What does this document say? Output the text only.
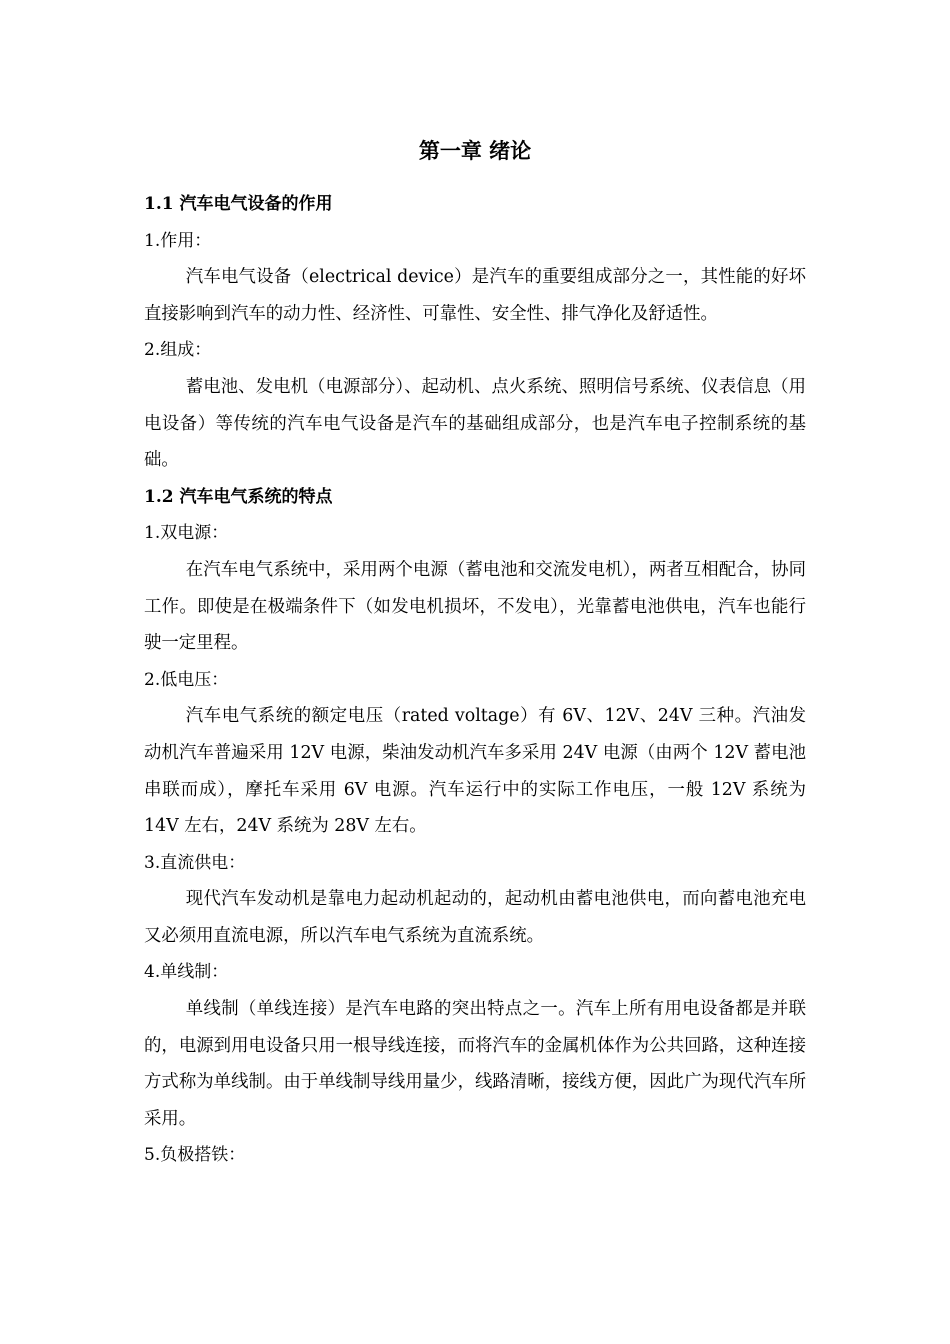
第一章 绪论
1.1 汽车电气设备的作用

1.作用：

汽车电气设备（electrical device）是汽车的重要组成部分之一，其性能的好坏直接影响到汽车的动力性、经济性、可靠性、安全性、排气净化及舒适性。

2.组成：

蓄电池、发电机（电源部分）、起动机、点火系统、照明信号系统、仪表信息（用电设备）等传统的汽车电气设备是汽车的基础组成部分，也是汽车电子控制系统的基础。

1.2 汽车电气系统的特点

1.双电源：

在汽车电气系统中，采用两个电源（蓄电池和交流发电机），两者互相配合，协同工作。即使是在极端条件下（如发电机损坏，不发电），光靠蓄电池供电，汽车也能行驶一定里程。

2.低电压：

汽车电气系统的额定电压（rated voltage）有 6V、12V、24V 三种。汽油发动机汽车普遍采用 12V 电源，柴油发动机汽车多采用 24V 电源（由两个 12V 蓄电池串联而成），摩托车采用 6V 电源。汽车运行中的实际工作电压，一般 12V 系统为 14V 左右，24V 系统为 28V 左右。

3.直流供电：

现代汽车发动机是靠电力起动机起动的，起动机由蓄电池供电，而向蓄电池充电又必须用直流电源，所以汽车电气系统为直流系统。

4.单线制：

单线制（单线连接）是汽车电路的突出特点之一。汽车上所有用电设备都是并联的，电源到用电设备只用一根导线连接，而将汽车的金属机体作为公共回路，这种连接方式称为单线制。由于单线制导线用量少，线路清晰，接线方便，因此广为现代汽车所采用。

5.负极搭铁：
